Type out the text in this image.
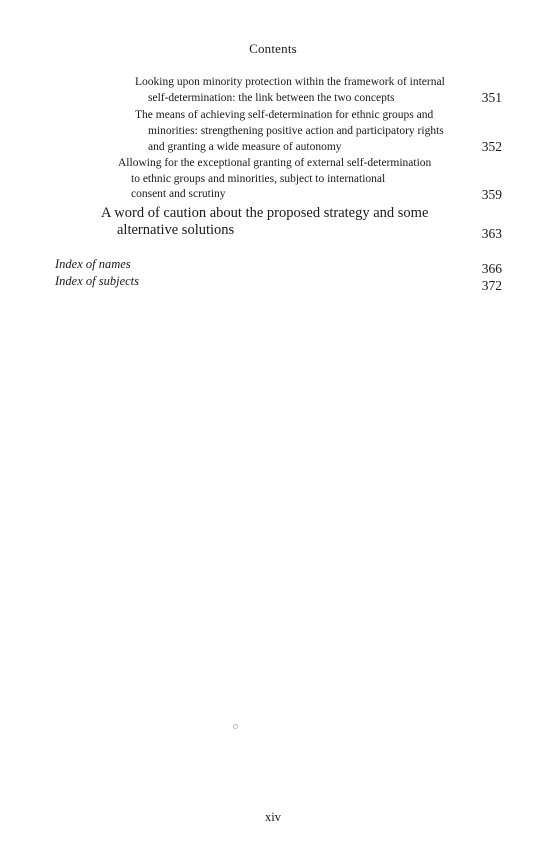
Contents
Looking upon minority protection within the framework of internal
self-determination: the link between the two concepts	351
The means of achieving self-determination for ethnic groups and
minorities: strengthening positive action and participatory rights
and granting a wide measure of autonomy	352
Allowing for the exceptional granting of external self-determination
to ethnic groups and minorities, subject to international
consent and scrutiny	359
A word of caution about the proposed strategy and some
alternative solutions	363
Index of names	366
Index of subjects	372
xiv
